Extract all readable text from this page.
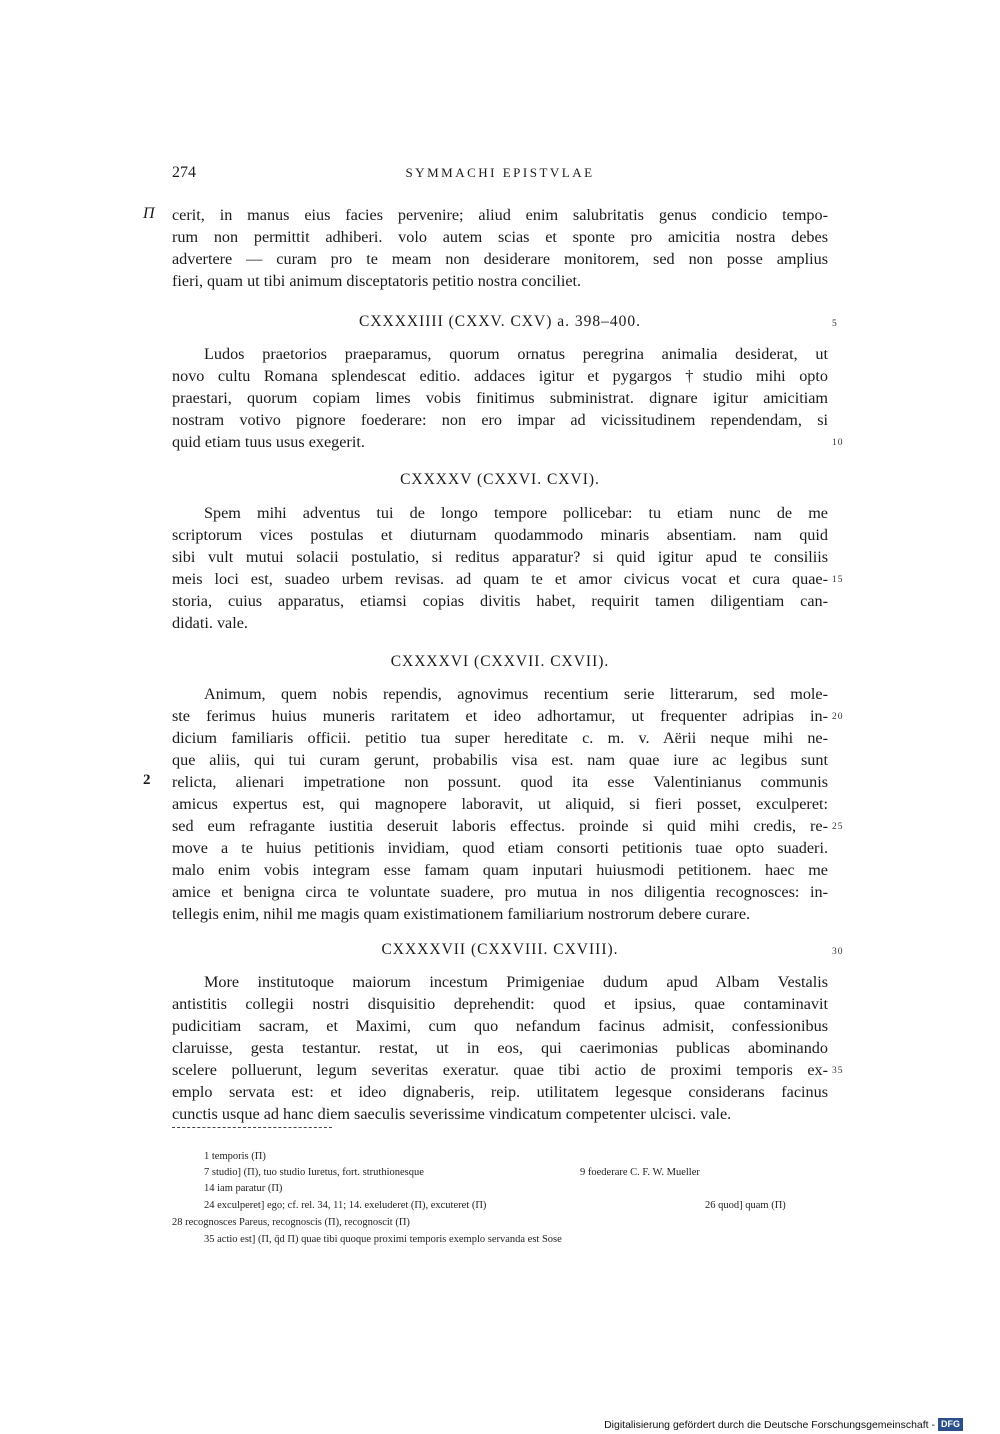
274	SYMMACHI EPISTVLAE
Π cerit, in manus eius facies pervenire; aliud enim salubritatis genus condicio tempo-
rum non permittit adhiberi. volo autem scias et sponte pro amicitia nostra debes
advertere — curam pro te meam non desiderare monitorem, sed non posse amplius
fieri, quam ut tibi animum disceptatoris petitio nostra conciliet.
CXXXXIIII (CXXV. CXV) a. 398–400.	5
Ludos praetorios praeparamus, quorum ornatus peregrina animalia desiderat, ut
novo cultu Romana splendescat editio. addaces igitur et pygargos †studio mihi opto
praestari, quorum copiam limes vobis finitimus subministrat. dignare igitur amicitiam
nostram votivo pignore foederare: non ero impar ad vicissitudinem rependendam, si
quid etiam tuus usus exegerit.	10
CXXXXV (CXXVI. CXVI).
Spem mihi adventus tui de longo tempore pollicebar: tu etiam nunc de me
scriptorum vices postulas et diuturnam quodammodo minaris absentiam. nam quid
sibi vult mutui solacii postulatio, si reditus apparatur? si quid igitur apud te consiliis
meis loci est, suadeo urbem revisas. ad quam te et amor civicus vocat et cura quae- 15
storia, cuius apparatus, etiamsi copias divitis habet, requirit tamen diligentiam can-
didati. vale.
CXXXXVI (CXXVII. CXVII).
Animum, quem nobis rependis, agnovimus recentium serie litterarum, sed mole-
ste ferimus huius muneris raritatem et ideo adhortamur, ut frequenter adripias in- 20
dicium familiaris officii. petitio tua super hereditate c. m. v. Aërii neque mihi ne-
que aliis, qui tui curam gerunt, probabilis visa est. nam quae iure ac legibus sunt
2 relicta, alienari impetratione non possunt. quod ita esse Valentinianus communis
amicus expertus est, qui magnopere laboravit, ut aliquid, si fieri posset, exculperet:
sed eum refragante iustitia deseruit laboris effectus. proinde si quid mihi credis, re- 25
move a te huius petitionis invidiam, quod etiam consorti petitionis tuae opto suaderi.
malo enim vobis integram esse famam quam inputari huiusmodi petitionem. haec me
amice et benigna circa te voluntate suadere, pro mutua in nos diligentia recognosces: in-
tellegis enim, nihil me magis quam existimationem familiarium nostrorum debere curare.
CXXXXVII (CXXVIII. CXVIII).	30
More institutoque maiorum incestum Primigeniae dudum apud Albam Vestalis
antistitis collegii nostri disquisitio deprehendit: quod et ipsius, quae contaminavit
pudicitiam sacram, et Maximi, cum quo nefandum facinus admisit, confessionibus
claruisse, gesta testantur. restat, ut in eos, qui caerimonias publicas abominando
scelere polluerunt, legum severitas exeratur. quae tibi actio de proximi temporis ex- 35
emplo servata est: et ideo dignaberis, reip. utilitatem legesque considerans facinus
cunctis usque ad hanc diem saeculis severissime vindicatum competenter ulcisci. vale.
1 temporis (Π)
7 studio] (Π), tuo studio Iuretus, fort. struthionesque	9 foederare C. F. W. Mueller
14 iam paratur (Π)
24 exculperet] ego; cf. rel. 34, 11; 14. exeluderet (Π), excuteret (Π)	26 quod] quam (Π)
28 recognosces Pareus, recognoscis (Π), recognoscit (Π)
35 actio est] (Π, q̄d Π) quae tibi quoque proximi temporis exemplo servanda est Sose
Digitalisierung gefördert durch die Deutsche Forschungsgemeinschaft - DFG
